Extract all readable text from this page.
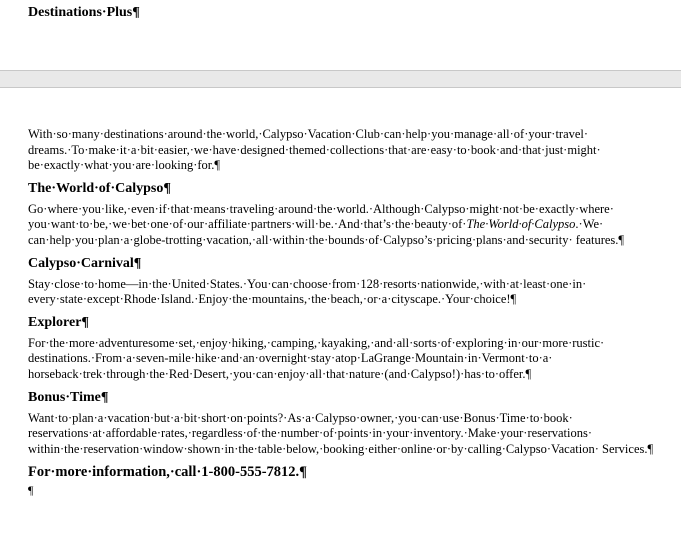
Destinations·Plus¶

With·so·many·destinations·around·the·world,·Calypso·Vacation·Club·can·help·you·manage·all·of·your·travel· dreams.·To·make·it·a·bit·easier,·we·have·designed·themed·collections·that·are·easy·to·book·and·that·just·might· be·exactly·what·you·are·looking·for.¶

The·World·of·Calypso¶

Go·where·you·like,·even·if·that·means·traveling·around·the·world.·Although·Calypso·might·not·be·exactly·where· you·want·to·be,·we·bet·one·of·our·affiliate·partners·will·be.·And·that’s·the·beauty·of·The·World·of·Calypso.·We· can·help·you·plan·a·globe-trotting·vacation,·all·within·the·bounds·of·Calypso’s·pricing·plans·and·security· features.¶

Calypso·Carnival¶

Stay·close·to·home—in·the·United·States.·You·can·choose·from·128·resorts·nationwide,·with·at·least·one·in· every·state·except·Rhode·Island.·Enjoy·the·mountains,·the·beach,·or·a·cityscape.·Your·choice!¶

Explorer¶

For·the·more·adventuresome·set,·enjoy·hiking,·camping,·kayaking,·and·all·sorts·of·exploring·in·our·more·rustic· destinations.·From·a·seven-mile·hike·and·an·overnight·stay·atop·LaGrange·Mountain·in·Vermont·to·a· horseback·trek·through·the·Red·Desert,·you·can·enjoy·all·that·nature·(and·Calypso!)·has·to·offer.¶

Bonus·Time¶

Want·to·plan·a·vacation·but·a·bit·short·on·points?·As·a·Calypso·owner,·you·can·use·Bonus·Time·to·book· reservations·at·affordable·rates,·regardless·of·the·number·of·points·in·your·inventory.·Make·your·reservations· within·the·reservation·window·shown·in·the·table·below,·booking·either·online·or·by·calling·Calypso·Vacation· Services.¶

For·more·information,·call·1-800-555-7812.¶
¶
